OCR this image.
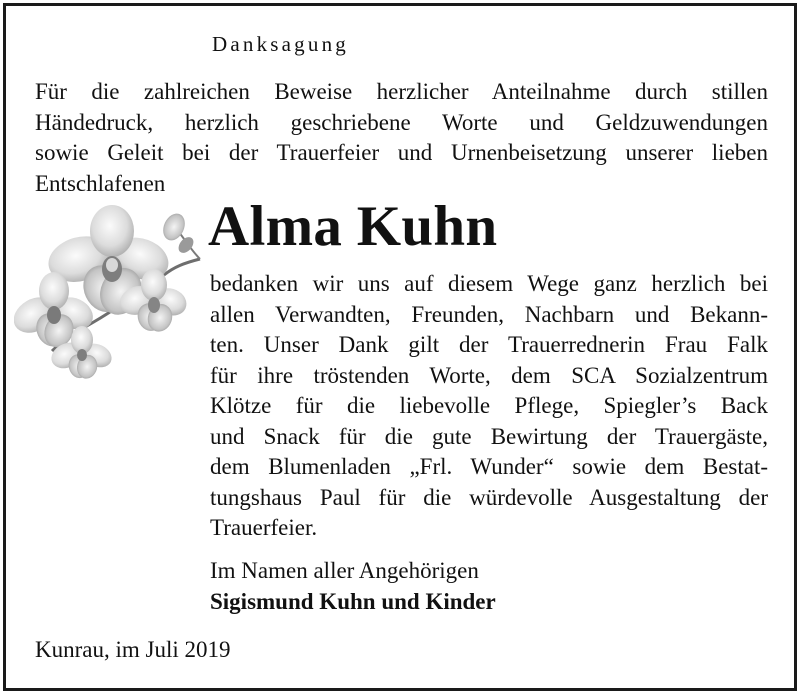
Danksagung
Für die zahlreichen Beweise herzlicher Anteilnahme durch stillen
Händedruck, herzlich geschriebene Worte und Geldzuwendungen
sowie Geleit bei der Trauerfeier und Urnenbeisetzung unserer lieben
Entschlafenen
Alma Kuhn
bedanken wir uns auf diesem Wege ganz herzlich bei
allen Verwandten, Freunden, Nachbarn und Bekann-
ten. Unser Dank gilt der Trauerrednerin Frau Falk
für ihre tröstenden Worte, dem SCA Sozialzentrum
Klötze für die liebevolle Pflege, Spiegler’s Back
und Snack für die gute Bewirtung der Trauergäste,
dem Blumenladen „Frl. Wunder“ sowie dem Bestat-
tungshaus Paul für die würdevolle Ausgestaltung der
Trauerfeier.
Im Namen aller Angehörigen
Sigismund Kuhn und Kinder
Kunrau, im Juli 2019
